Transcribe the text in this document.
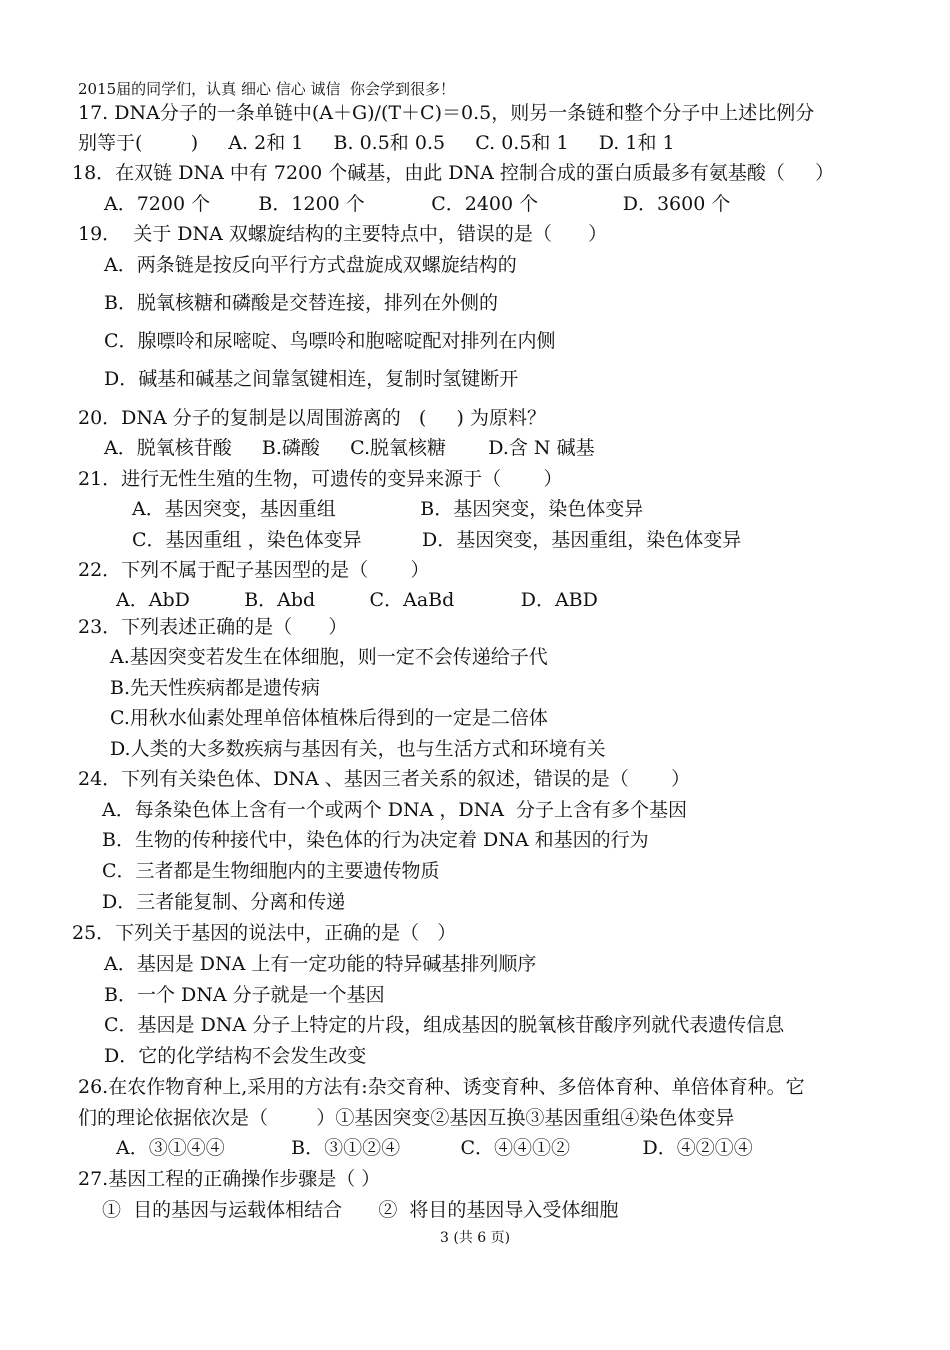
2015届的同学们，认真 细心 信心 诚信  你会学到很多！
17. DNA分子的一条单链中(A＋G)/(T＋C)＝0.5，则另一条链和整个分子中上述比例分
别等于(        )     A. 2和 1     B. 0.5和 0.5     C. 0.5和 1     D. 1和 1
18．在双链 DNA 中有 7200 个碱基，由此 DNA 控制合成的蛋白质最多有氨基酸（     ）
A．7200 个        B．1200 个           C．2400 个              D．3600 个
19．  关于 DNA 双螺旋结构的主要特点中，错误的是（      ）
A．两条链是按反向平行方式盘旋成双螺旋结构的
B．脱氧核糖和磷酸是交替连接，排列在外侧的
C．腺嘌呤和尿嘧啶、鸟嘌呤和胞嘧啶配对排列在内侧
D．碱基和碱基之间靠氢键相连，复制时氢键断开
20．DNA 分子的复制是以周围游离的   (     ) 为原料？
A．脱氧核苷酸     B.磷酸     C.脱氧核糖       D.含 N 碱基
21．进行无性生殖的生物，可遗传的变异来源于（       ）
A．基因突变，基因重组              B．基因突变，染色体变异
C．基因重组 ，染色体变异          D．基因突变，基因重组，染色体变异
22．下列不属于配子基因型的是（       ）
A．AbD         B．Abd         C．AaBd           D．ABD
23．下列表述正确的是（      ）
A.基因突变若发生在体细胞，则一定不会传递给子代
B.先天性疾病都是遗传病
C.用秋水仙素处理单倍体植株后得到的一定是二倍体
D.人类的大多数疾病与基因有关，也与生活方式和环境有关
24．下列有关染色体、DNA 、基因三者关系的叙述，错误的是（       ）
A．每条染色体上含有一个或两个 DNA ，DNA  分子上含有多个基因
B．生物的传种接代中，染色体的行为决定着 DNA 和基因的行为
C．三者都是生物细胞内的主要遗传物质
D．三者能复制、分离和传递
25．下列关于基因的说法中，正确的是（   ）
A．基因是 DNA 上有一定功能的特异碱基排列顺序
B．一个 DNA 分子就是一个基因
C．基因是 DNA 分子上特定的片段，组成基因的脱氧核苷酸序列就代表遗传信息
D．它的化学结构不会发生改变
26.在农作物育种上,采用的方法有:杂交育种、诱变育种、多倍体育种、单倍体育种。它
们的理论依据依次是（        ）①基因突变②基因互换③基因重组④染色体变异
A．③①④④           B．③①②④          C．④④①②            D．④②①④
27.基因工程的正确操作步骤是（ ）
①  目的基因与运载体相结合      ②  将目的基因导入受体细胞
3 (共 6 页)
